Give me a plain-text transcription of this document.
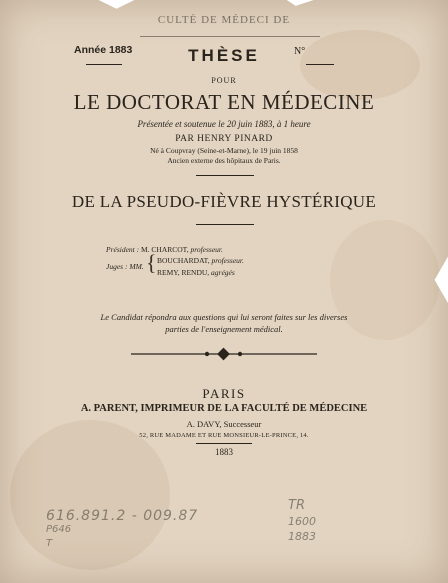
CULTÉ DE MÉDECI DE
Année 1883	THÈSE	N°
POUR
LE DOCTORAT EN MÉDECINE
Présentée et soutenue le 20 juin 1883, à 1 heure
PAR HENRY PINARD
Né à Coupvray (Seine-et-Marne), le 19 juin 1858
Ancien externe des hôpitaux de Paris.
DE LA PSEUDO-FIÈVRE HYSTÉRIQUE
Président : M. CHARCOT, professeur.
Juges : MM. { BOUCHARDAT, professeur.
REMY, RENDU, agrégés
Le Candidat répondra aux questions qui lui seront faites sur les diverses
parties de l'enseignement médical.
PARIS
A. PARENT, IMPRIMEUR DE LA FACULTÉ DE MÉDECINE
A. DAVY, Successeur
52, RUE MADAME ET RUE MONSIEUR-LE-PRINCE, 14.
1883
616.891.2 - 009.87
P646
T
TR
1600
1883
